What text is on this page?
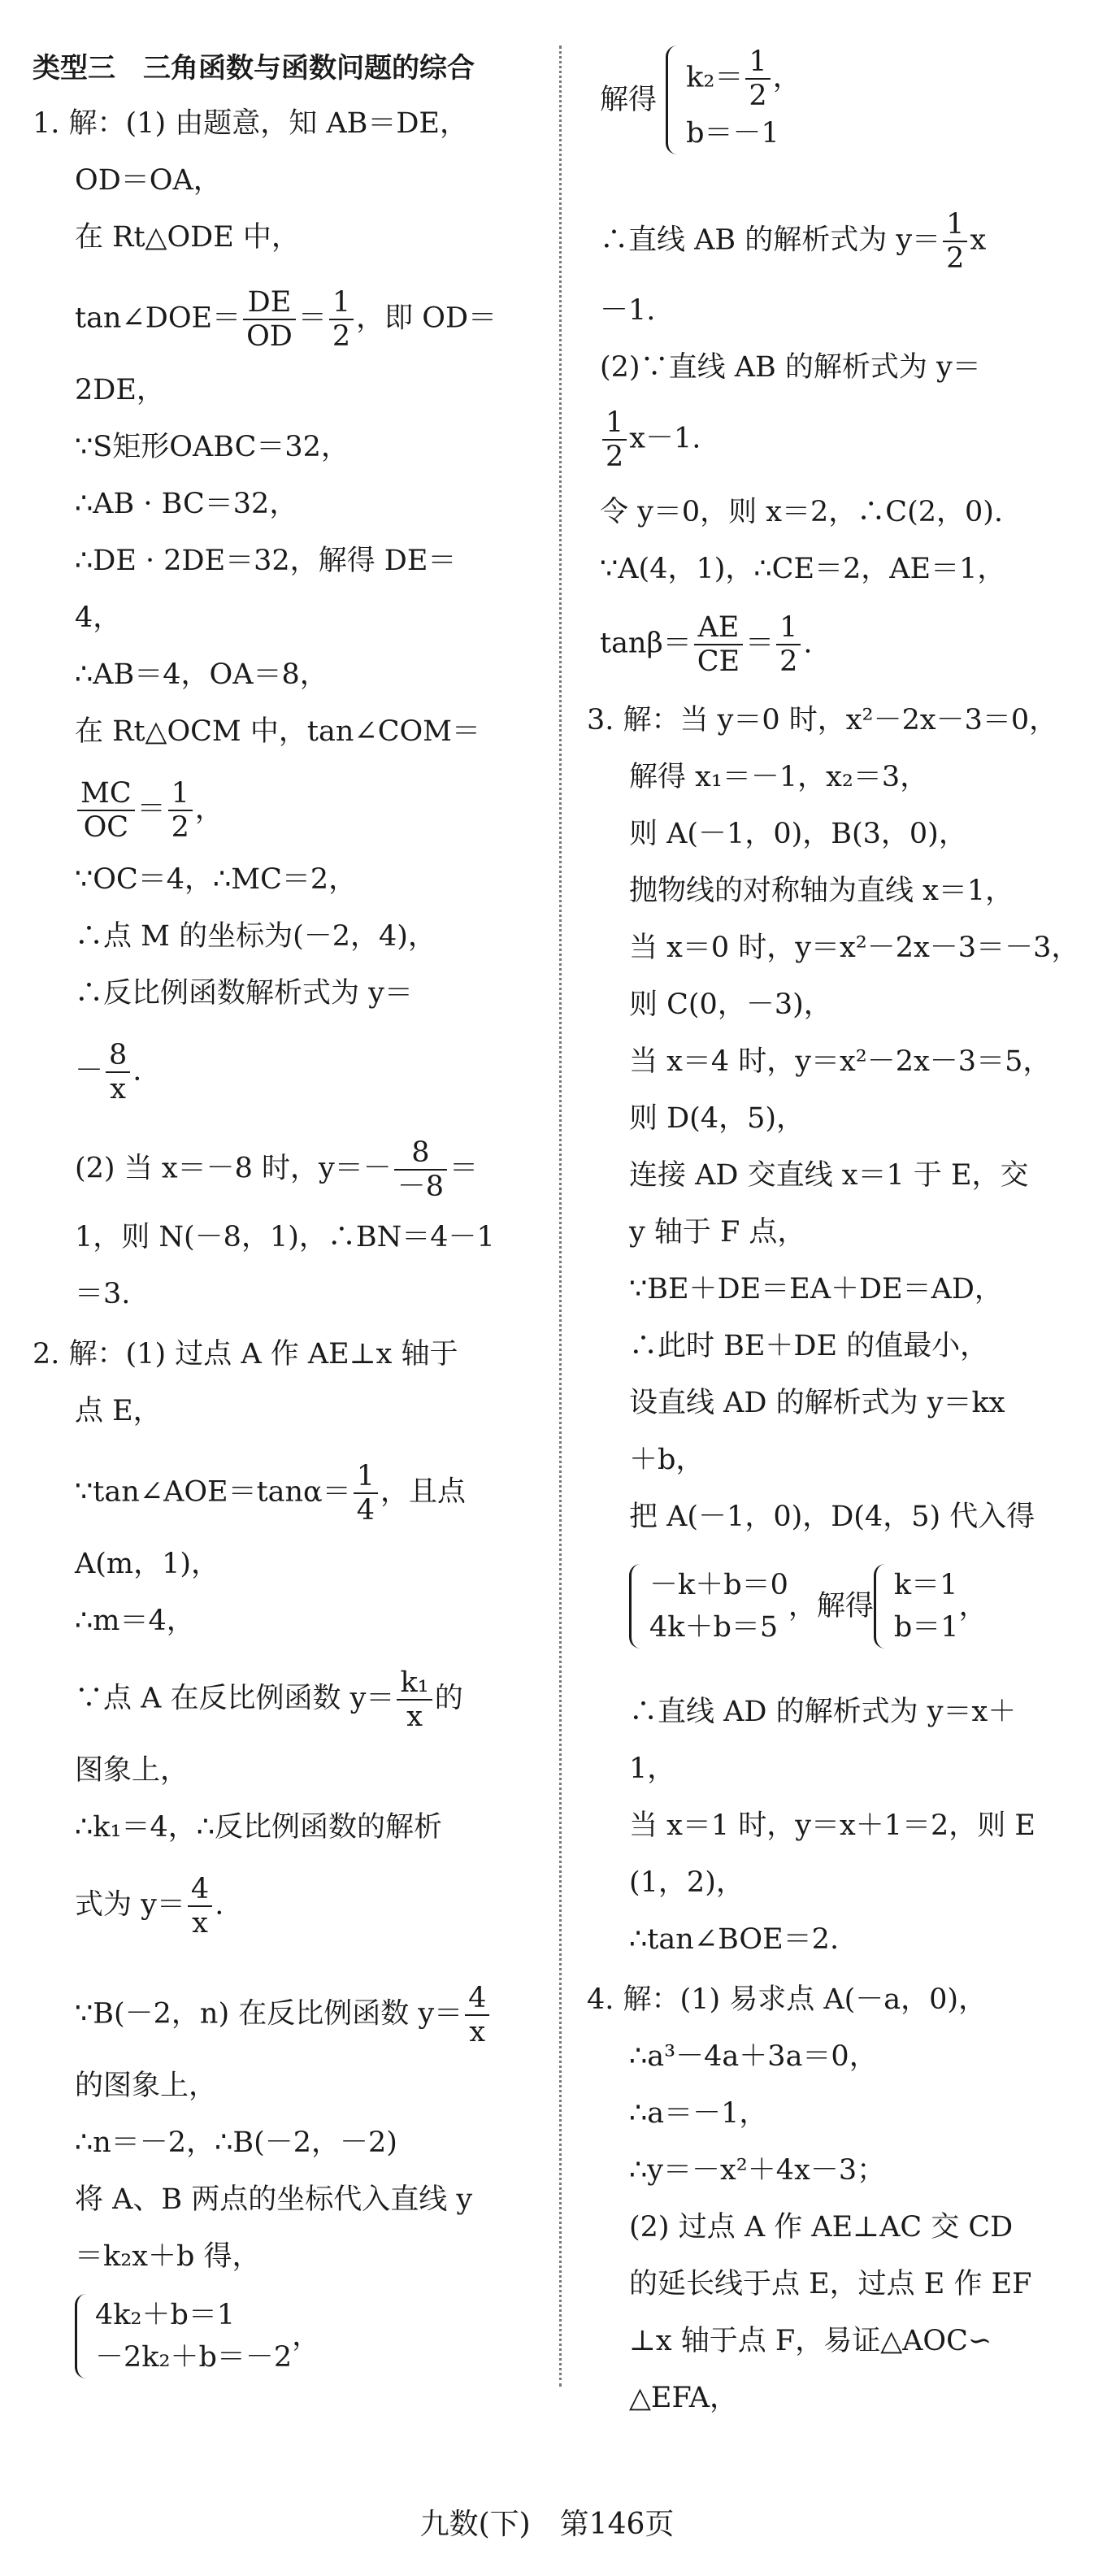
类型三　三角函数与函数问题的综合
1. 解：(1) 由题意，知 AB＝DE，
OD＝OA，
在 Rt△ODE 中，
tan∠DOE＝ $\frac{DE}{OD} = \frac{1}{2}$ ，即 OD＝
2DE，
∵S矩形OABC＝32，
∴AB · BC＝32，
∴DE · 2DE＝32，解得 DE＝
4，
∴AB＝4，OA＝8，
在 Rt△OCM 中，tan∠COM＝
$\frac{MC}{OC} = \frac{1}{2}$ ，
∵OC＝4，∴MC＝2，
∴点 M 的坐标为(－2，4)，
∴反比例函数解析式为 y＝
－ $\frac{8}{x}$ .
(2) 当 x＝－8 时，$y=- \frac{8}{-8}$ ＝
1，则 N(－8，1)，∴BN＝4－1
＝3.
2. 解：(1) 过点 A 作 AE⊥x 轴于
点 E，
∵tan∠AOE＝tanα＝ $\frac{1}{4}$ ，且点
A(m，1)，
∴m＝4，
∵点 A 在反比例函数 $y= \frac{\text{k₁}}{x}$ 的
图象上，
∴k₁＝4，∴反比例函数的解析
式为 $y= \frac{4}{x}$ .
∵B(－2，n) 在反比例函数 $y= \frac{4}{x}$
的图象上，
∴n＝－2，∴B(－2，－2)
将 A、B 两点的坐标代入直线 y
＝k₂x＋b 得，
4k₂＋b＝1
－2k₂＋b＝－2
，
解得
$k_2= \frac{1}{2}$ ，
b＝－1
∴直线 AB 的解析式为 $y= \frac{1}{2}$ x
－1.
(2)∵直线 AB 的解析式为 y＝
$\frac{1}{2} x-1$.
令 y＝0，则 x＝2，∴C(2，0).
∵A(4，1)，∴CE＝2，AE＝1，
$\tan\beta= \frac{AE}{CE} = \frac{1}{2}$ .
3. 解：当 y＝0 时，x²－2x－3＝0，
解得 x₁＝－1，x₂＝3，
则 A(－1，0)，B(3，0)，
抛物线的对称轴为直线 x＝1，
当 x＝0 时，y＝x²－2x－3＝－3，
则 C(0，－3)，
当 x＝4 时，y＝x²－2x－3＝5，
则 D(4，5)，
连接 AD 交直线 x＝1 于 E，交
y 轴于 F 点，
∵BE＋DE＝EA＋DE＝AD，
∴此时 BE＋DE 的值最小，
设直线 AD 的解析式为 y＝kx
＋b，
把 A(－1，0)，D(4，5) 代入得
－k＋b＝0
4k＋b＝5
，解得
k＝1
b＝1
，
∴直线 AD 的解析式为 y＝x＋
1，
当 x＝1 时，y＝x＋1＝2，则 E
(1，2)，
∴tan∠BOE＝2.
4. 解：(1) 易求点 A(－a，0)，
∴a³－4a＋3a＝0，
∴a＝－1，
∴y＝－x²＋4x－3；
(2) 过点 A 作 AE⊥AC 交 CD
的延长线于点 E，过点 E 作 EF
⊥x 轴于点 F，易证△AOC∽
△EFA，
九数(下)　第146页
